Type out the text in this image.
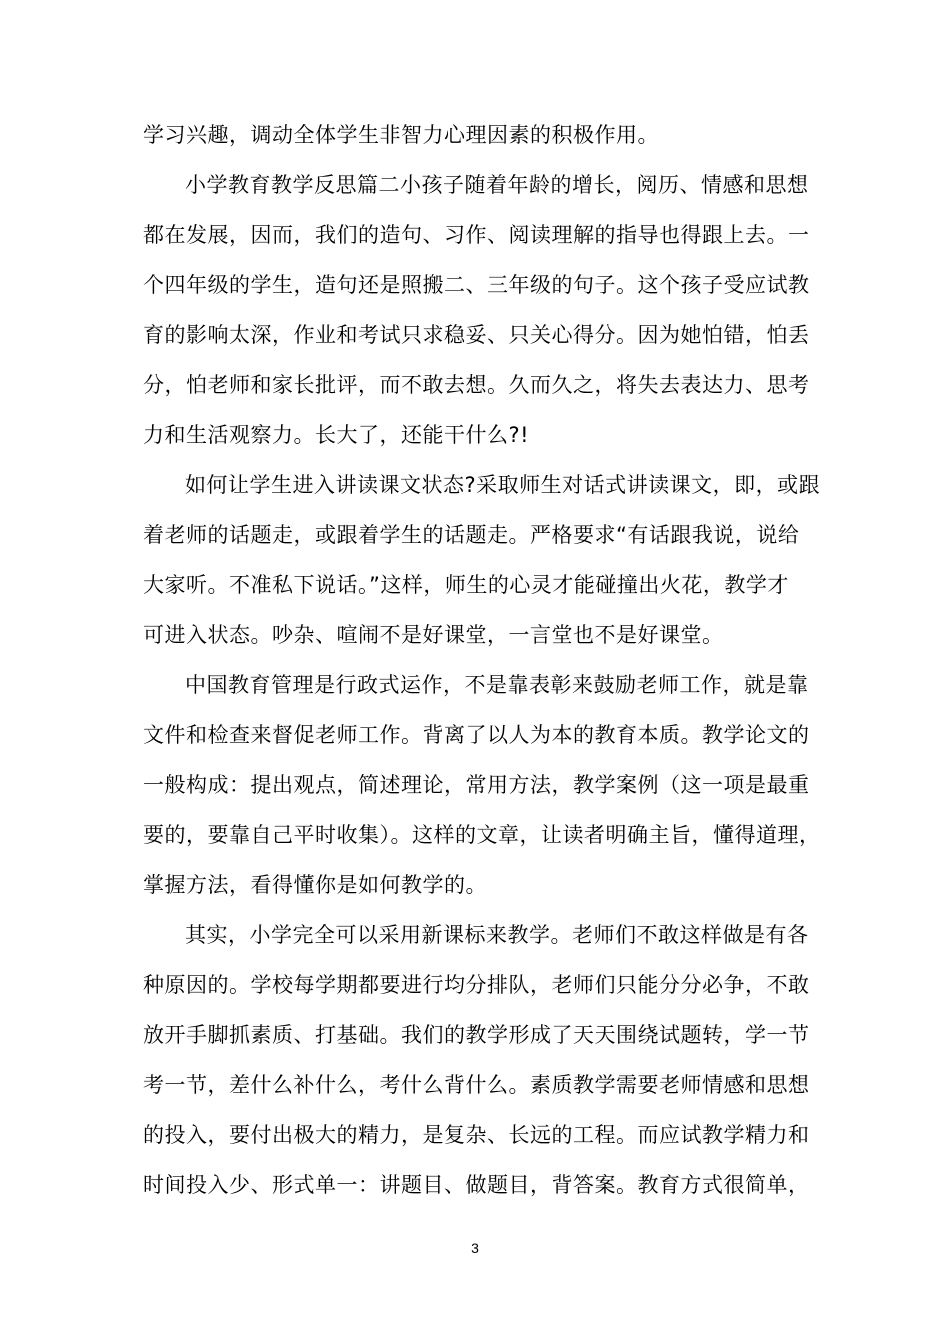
学习兴趣，调动全体学生非智力心理因素的积极作用。
小学教育教学反思篇二小孩子随着年龄的增长，阅历、情感和思想
都在发展，因而，我们的造句、习作、阅读理解的指导也得跟上去。一
个四年级的学生，造句还是照搬二、三年级的句子。这个孩子受应试教
育的影响太深，作业和考试只求稳妥、只关心得分。因为她怕错，怕丢
分，怕老师和家长批评，而不敢去想。久而久之，将失去表达力、思考
力和生活观察力。长大了，还能干什么?!
如何让学生进入讲读课文状态?采取师生对话式讲读课文，即，或跟
着老师的话题走，或跟着学生的话题走。严格要求“有话跟我说，说给
大家听。不准私下说话。”这样，师生的心灵才能碰撞出火花，教学才
可进入状态。吵杂、喧闹不是好课堂，一言堂也不是好课堂。
中国教育管理是行政式运作，不是靠表彰来鼓励老师工作，就是靠
文件和检查来督促老师工作。背离了以人为本的教育本质。教学论文的
一般构成：提出观点，简述理论，常用方法，教学案例（这一项是最重
要的，要靠自己平时收集）。这样的文章，让读者明确主旨，懂得道理，
掌握方法，看得懂你是如何教学的。
其实，小学完全可以采用新课标来教学。老师们不敢这样做是有各
种原因的。学校每学期都要进行均分排队，老师们只能分分必争，不敢
放开手脚抓素质、打基础。我们的教学形成了天天围绕试题转，学一节
考一节，差什么补什么，考什么背什么。素质教学需要老师情感和思想
的投入，要付出极大的精力，是复杂、长远的工程。而应试教学精力和
时间投入少、形式单一：讲题目、做题目，背答案。教育方式很简单，
3
